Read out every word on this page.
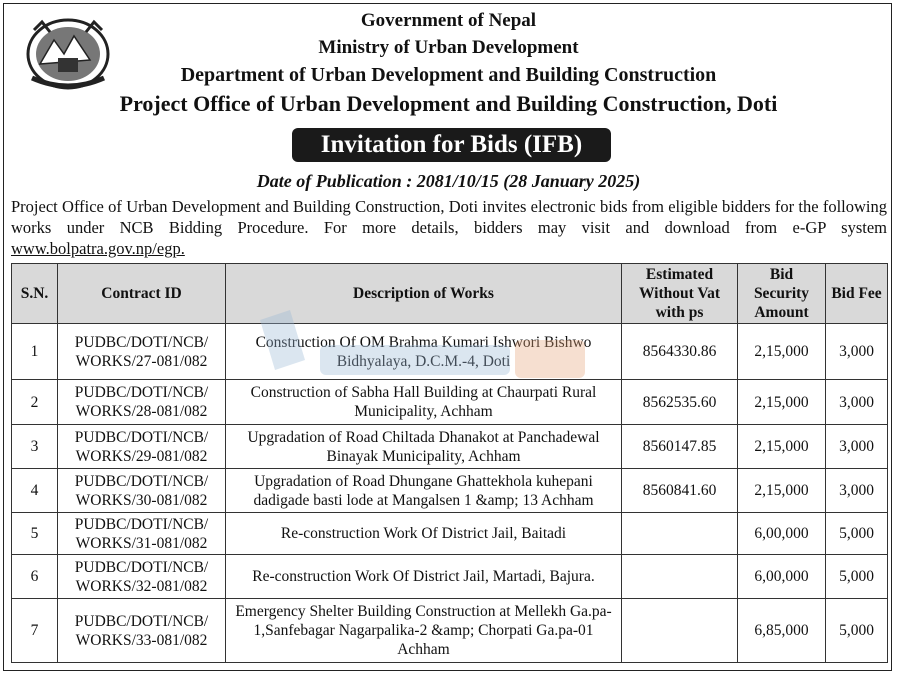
Government of Nepal
Ministry of Urban Development
Department of Urban Development and Building Construction
Project Office of Urban Development and Building Construction, Doti
Invitation for Bids (IFB)
Date of Publication : 2081/10/15 (28 January 2025)
Project Office of Urban Development and Building Construction, Doti invites electronic bids from eligible bidders for the following works under NCB Bidding Procedure. For more details, bidders may visit and download from e-GP system www.bolpatra.gov.np/egp.
S.N.	Contract ID	Description of Works	Estimated Without Vat with ps	Bid Security Amount	Bid Fee
1	PUDBC/DOTI/NCB/ WORKS/27-081/082	Construction Of OM Brahma Kumari Ishwori Bishwo Bidhyalaya, D.C.M.-4, Doti	8564330.86	2,15,000	3,000
2	PUDBC/DOTI/NCB/ WORKS/28-081/082	Construction of Sabha Hall Building at Chaurpati Rural Municipality, Achham	8562535.60	2,15,000	3,000
3	PUDBC/DOTI/NCB/ WORKS/29-081/082	Upgradation of Road Chiltada Dhanakot at Panchadewal Binayak Municipality, Achham	8560147.85	2,15,000	3,000
4	PUDBC/DOTI/NCB/ WORKS/30-081/082	Upgradation of Road Dhungane Ghattekhola kuhepani dadigade basti lode at Mangalsen 1 &amp; 13 Achham	8560841.60	2,15,000	3,000
5	PUDBC/DOTI/NCB/ WORKS/31-081/082	Re-construction Work Of District Jail, Baitadi		6,00,000	5,000
6	PUDBC/DOTI/NCB/ WORKS/32-081/082	Re-construction Work Of District Jail, Martadi, Bajura.		6,00,000	5,000
7	PUDBC/DOTI/NCB/ WORKS/33-081/082	Emergency Shelter Building Construction at Mellekh Ga.pa-1,Sanfebagar Nagarpalika-2 &amp; Chorpati Ga.pa-01 Achham		6,85,000	5,000
